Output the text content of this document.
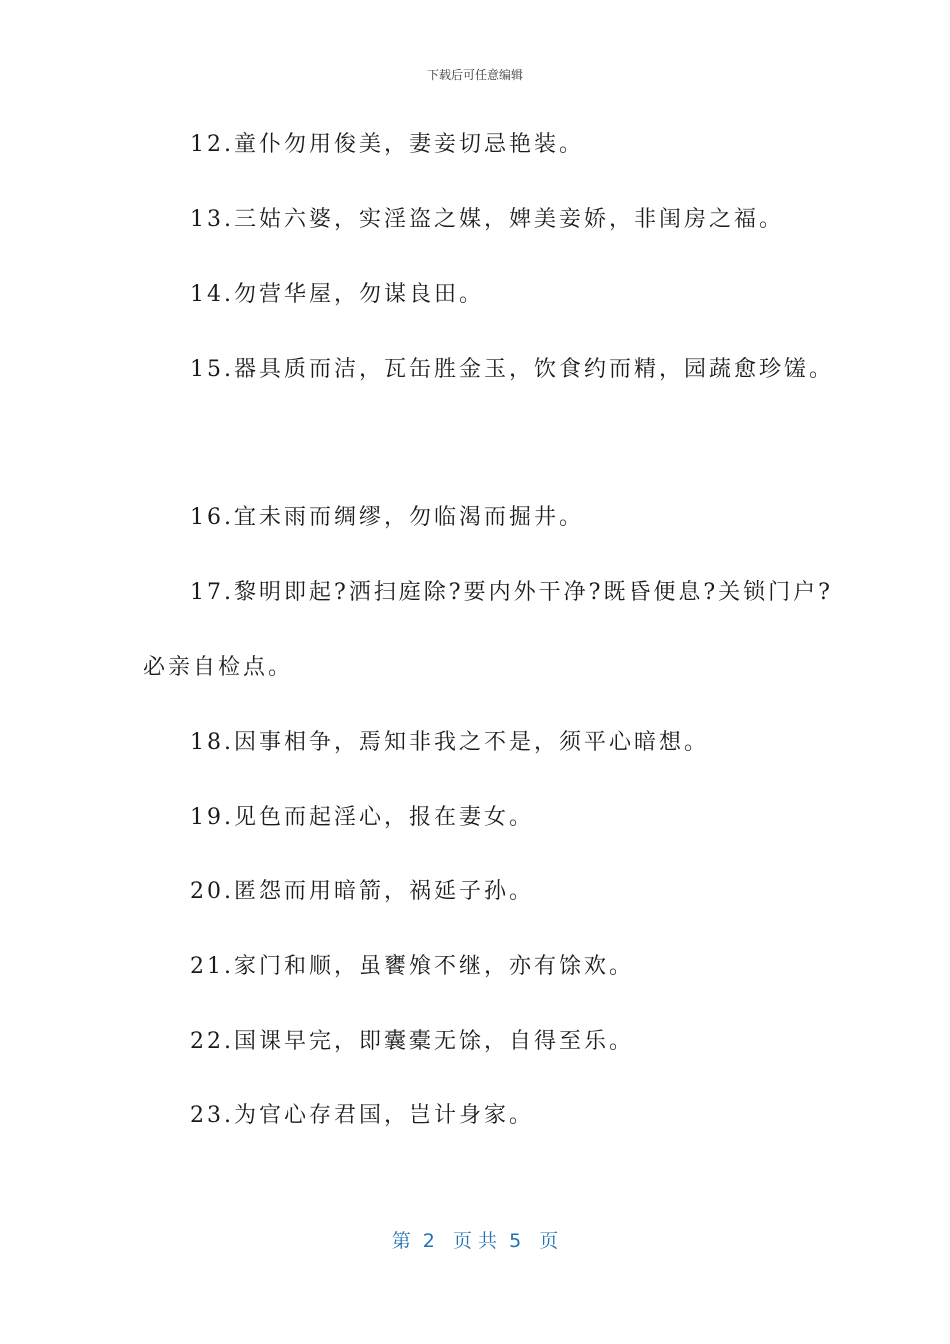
下载后可任意编辑
12.童仆勿用俊美，妻妾切忌艳装。
13.三姑六婆，实淫盗之媒，婢美妾娇，非闺房之福。
14.勿营华屋，勿谋良田。
15.器具质而洁，瓦缶胜金玉，饮食约而精，园蔬愈珍馐。
16.宜未雨而绸缪，勿临渴而掘井。
17.黎明即起?洒扫庭除?要内外干净?既昏便息?关锁门户?
必亲自检点。
18.因事相争，焉知非我之不是，须平心暗想。
19.见色而起淫心，报在妻女。
20.匿怨而用暗箭，祸延子孙。
21.家门和顺，虽饔飧不继，亦有馀欢。
22.国课早完，即囊橐无馀，自得至乐。
23.为官心存君国，岂计身家。
第  2   页 共  5   页
